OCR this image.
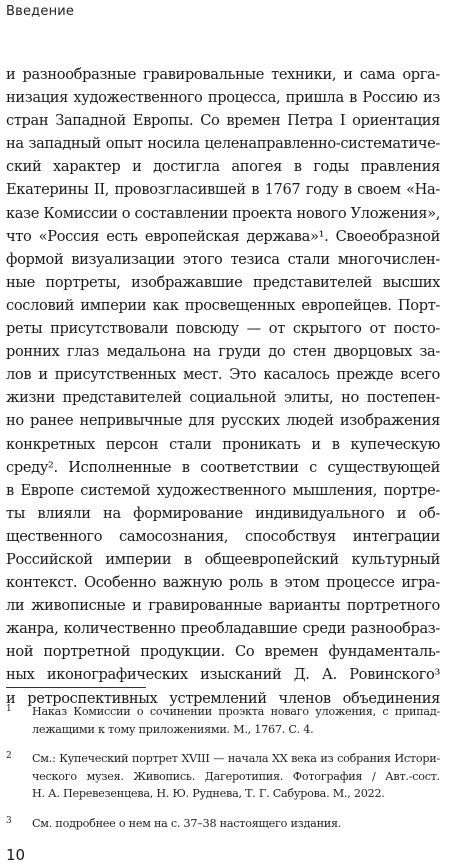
Введение
и разнообразные гравировальные техники, и сама орга-
низация художественного процесса, пришла в Россию из
стран Западной Европы. Со времен Петра I ориентация
на западный опыт носила целенаправленно-систематиче-
ский характер и достигла апогея в годы правления
Екатерины II, провозгласившей в 1767 году в своем «На-
казе Комиссии о составлении проекта нового Уложения»,
что «Россия есть европейская держава»¹. Своеобразной
формой визуализации этого тезиса стали многочислен-
ные портреты, изображавшие представителей высших
сословий империи как просвещенных европейцев. Порт-
реты присутствовали повсюду — от скрытого от посто-
ронних глаз медальона на груди до стен дворцовых за-
лов и присутственных мест. Это касалось прежде всего
жизни представителей социальной элиты, но постепен-
но ранее непривычные для русских людей изображения
конкретных персон стали проникать и в купеческую
среду². Исполненные в соответствии с существующей
в Европе системой художественного мышления, портре-
ты влияли на формирование индивидуального и об-
щественного самосознания, способствуя интеграции
Российской империи в общеевропейский культурный
контекст. Особенно важную роль в этом процессе игра-
ли живописные и гравированные варианты портретного
жанра, количественно преобладавшие среди разнообраз-
ной портретной продукции. Со времен фундаменталь-
ных иконографических изысканий Д. А. Ровинского³
и ретроспективных устремлений членов объединения
1 Наказ Комиссии о сочинении проэкта новаго уложения, с припад-
лежащими к тому приложениями. М., 1767. С. 4.
2 См.: Купеческий портрет XVIII — начала XX века из собрания Истори-
ческого музея. Живопись. Дагеротипия. Фотография / Авт.-сост.
Н. А. Перевезенцева, Н. Ю. Руднева, Т. Г. Сабурова. М., 2022.
3 См. подробнее о нем на с. 37–38 настоящего издания.
10
